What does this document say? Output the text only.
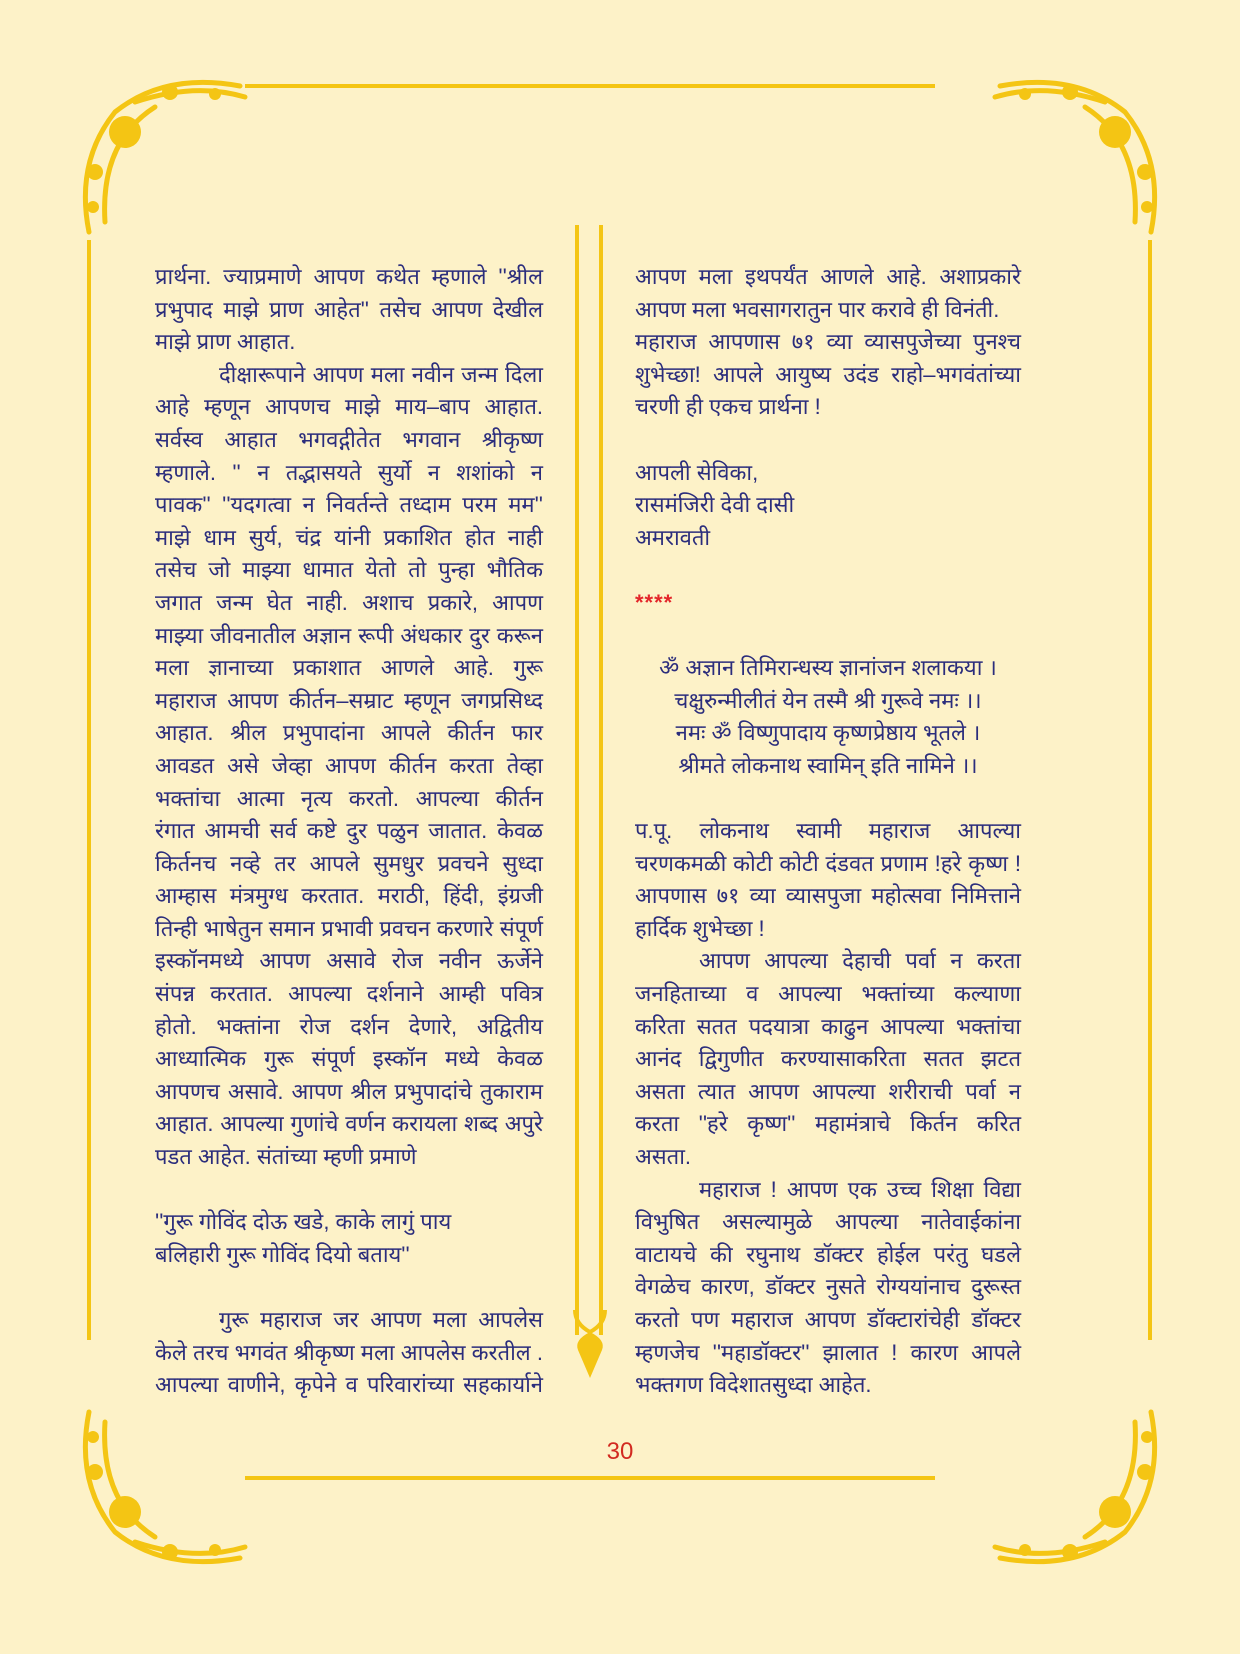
प्रार्थना. ज्याप्रमाणे आपण कथेत म्हणाले ''श्रील
प्रभुपाद माझे प्राण आहेत'' तसेच आपण देखील
माझे प्राण आहात.
दीक्षारूपाने आपण मला नवीन जन्म दिला
आहे म्हणून आपणच माझे माय–बाप आहात.
सर्वस्व आहात भगवद्गीतेत भगवान श्रीकृष्ण
म्हणाले. '' न तद्भासयते सुर्यो न शशांको न
पावक'' ''यदगत्वा न निवर्तन्ते तध्दाम परम मम''
माझे धाम सुर्य, चंद्र यांनी प्रकाशित होत नाही
तसेच जो माझ्या धामात येतो तो पुन्हा भौतिक
जगात जन्म घेत नाही. अशाच प्रकारे, आपण
माझ्या जीवनातील अज्ञान रूपी अंधकार दुर करून
मला ज्ञानाच्या प्रकाशात आणले आहे. गुरू
महाराज आपण कीर्तन–सम्राट म्हणून जगप्रसिध्द
आहात. श्रील प्रभुपादांना आपले कीर्तन फार
आवडत असे जेव्हा आपण कीर्तन करता तेव्हा
भक्तांचा आत्मा नृत्य करतो. आपल्या कीर्तन
रंगात आमची सर्व कष्टे दुर पळुन जातात. केवळ
किर्तनच नव्हे तर आपले सुमधुर प्रवचने सुध्दा
आम्हास मंत्रमुग्ध करतात. मराठी, हिंदी, इंग्रजी
तिन्ही भाषेतुन समान प्रभावी प्रवचन करणारे संपूर्ण
इस्कॉनमध्ये आपण असावे रोज नवीन ऊर्जेने
संपन्न करतात. आपल्या दर्शनाने आम्ही पवित्र
होतो. भक्तांना रोज दर्शन देणारे, अद्वितीय
आध्यात्मिक गुरू संपूर्ण इस्कॉन मध्ये केवळ
आपणच असावे. आपण श्रील प्रभुपादांचे तुकाराम
आहात. आपल्या गुणांचे वर्णन करायला शब्द अपुरे
पडत आहेत. संतांच्या म्हणी प्रमाणे
''गुरू गोविंद दोऊ खडे, काके लागुं पाय
बलिहारी गुरू गोविंद दियो बताय''
गुरू महाराज जर आपण मला आपलेस
केले तरच भगवंत श्रीकृष्ण मला आपलेस करतील .
आपल्या वाणीने, कृपेने व परिवारांच्या सहकार्याने
आपण मला इथपर्यंत आणले आहे. अशाप्रकारे
आपण मला भवसागरातुन पार करावे ही विनंती.
महाराज आपणास ७१ व्या व्यासपुजेच्या पुनश्च
शुभेच्छा! आपले आयुष्य उदंड राहो–भगवंतांच्या
चरणी ही एकच प्रार्थना !
आपली सेविका,
रासमंजिरी देवी दासी
अमरावती
****
ॐ अज्ञान तिमिरान्धस्य ज्ञानांजन शलाकया ।
चक्षुरुन्मीलीतं येन तस्मै श्री गुरूवे नमः ।।
नमः ॐ विष्णुपादाय कृष्णप्रेष्ठाय भूतले ।
श्रीमते लोकनाथ स्वामिन् इति नामिने ।।
प.पू. लोकनाथ स्वामी महाराज आपल्या
चरणकमळी कोटी कोटी दंडवत प्रणाम !हरे कृष्ण !
आपणास ७१ व्या व्यासपुजा महोत्सवा निमित्ताने
हार्दिक शुभेच्छा !
आपण आपल्या देहाची पर्वा न करता
जनहिताच्या व आपल्या भक्तांच्या कल्याणा
करिता सतत पदयात्रा काढुन आपल्या भक्तांचा
आनंद द्विगुणीत करण्यासाकरिता सतत झटत
असता त्यात आपण आपल्या शरीराची पर्वा न
करता ''हरे कृष्ण'' महामंत्राचे किर्तन करित
असता.
महाराज ! आपण एक उच्च शिक्षा विद्या
विभुषित असल्यामुळे आपल्या नातेवाईकांना
वाटायचे की रघुनाथ डॉक्टर होईल परंतु घडले
वेगळेच कारण, डॉक्टर नुसते रोग्ययांनाच दुरूस्त
करतो पण महाराज आपण डॉक्टारांचेही डॉक्टर
म्हणजेच ''महाडॉक्टर'' झालात ! कारण आपले
भक्तगण विदेशातसुध्दा आहेत.
30
